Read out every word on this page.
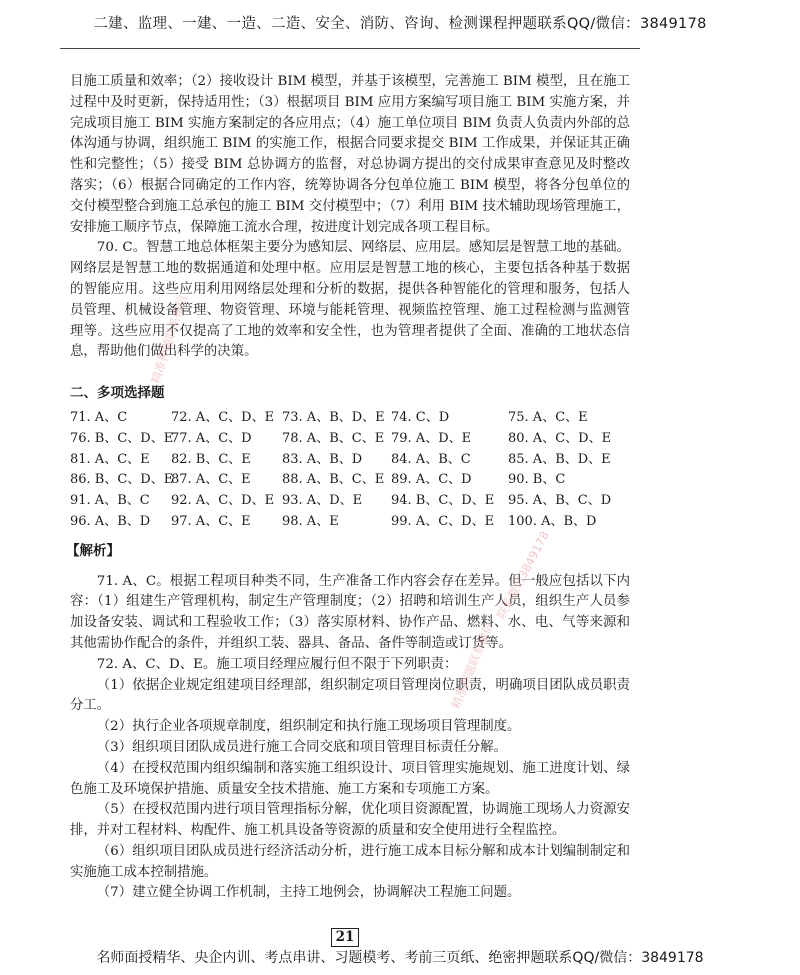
二建、监理、一建、一造、二造、安全、消防、咨询、检测课程押题联系QQ/微信：3849178

目施工质量和效率；（2）接收设计 BIM 模型，并基于该模型，完善施工 BIM 模型，且在施工过程中及时更新，保持适用性；（3）根据项目 BIM 应用方案编写项目施工 BIM 实施方案，并完成项目施工 BIM 实施方案制定的各应用点；（4）施工单位项目 BIM 负责人负责内外部的总体沟通与协调，组织施工 BIM 的实施工作，根据合同要求提交 BIM 工作成果，并保证其正确性和完整性；（5）接受 BIM 总协调方的监督，对总协调方提出的交付成果审查意见及时整改落实；（6）根据合同确定的工作内容，统筹协调各分包单位施工 BIM 模型，将各分包单位的交付模型整合到施工总承包的施工 BIM 交付模型中；（7）利用 BIM 技术辅助现场管理施工，安排施工顺序节点，保障施工流水合理，按进度计划完成各项工程目标。

70. C。智慧工地总体框架主要分为感知层、网络层、应用层。感知层是智慧工地的基础。网络层是智慧工地的数据通道和处理中枢。应用层是智慧工地的核心，主要包括各种基于数据的智能应用。这些应用利用网络层处理和分析的数据，提供各种智能化的管理和服务，包括人员管理、机械设备管理、物资管理、环境与能耗管理、视频监控管理、施工过程检测与监测管理等。这些应用不仅提高了工地的效率和安全性，也为管理者提供了全面、准确的工地状态信息，帮助他们做出科学的决策。

二、多项选择题
71. A、C	72. A、C、D、E	73. A、B、D、E	74. C、D	75. A、C、E
76. B、C、D、E	77. A、C、D	78. A、B、C、E	79. A、D、E	80. A、C、D、E
81. A、C、E	82. B、C、E	83. A、B、D	84. A、B、C	85. A、B、D、E
86. B、C、D、E	87. A、C、E	88. A、B、C、E	89. A、C、D	90. B、C
91. A、B、C	92. A、C、D、E	93. A、D、E	94. B、C、D、E	95. A、B、C、D
96. A、B、D	97. A、C、E	98. A、E	99. A、C、D、E	100. A、B、D
【解析】

71. A、C。根据工程项目种类不同，生产准备工作内容会存在差异。但一般应包括以下内容：（1）组建生产管理机构，制定生产管理制度；（2）招聘和培训生产人员，组织生产人员参加设备安装、调试和工程验收工作；（3）落实原材料、协作产品、燃料、水、电、气等来源和其他需协作配合的条件，并组织工装、器具、备品、备件等制造或订货等。

72. A、C、D、E。施工项目经理应履行但不限于下列职责：

（1）依据企业规定组建项目经理部，组织制定项目管理岗位职责，明确项目团队成员职责分工。

（2）执行企业各项规章制度，组织制定和执行施工现场项目管理制度。

（3）组织项目团队成员进行施工合同交底和项目管理目标责任分解。

（4）在授权范围内组织编制和落实施工组织设计、项目管理实施规划、施工进度计划、绿色施工及环境保护措施、质量安全技术措施、施工方案和专项施工方案。

（5）在授权范围内进行项目管理指标分解，优化项目资源配置，协调施工现场人力资源安排，并对工程材料、构配件、施工机具设备等资源的质量和安全使用进行全程监控。

（6）组织项目团队成员进行经济活动分析，进行施工成本目标分解和成本计划编制制定和实施施工成本控制措施。

（7）建立健全协调工作机制，主持工地例会，协调解决工程施工问题。

精准押题联系微信
联系微信3849178
精准押题联系微信
21
名师面授精华、央企内训、考点串讲、习题模考、考前三页纸、绝密押题联系QQ/微信：3849178
